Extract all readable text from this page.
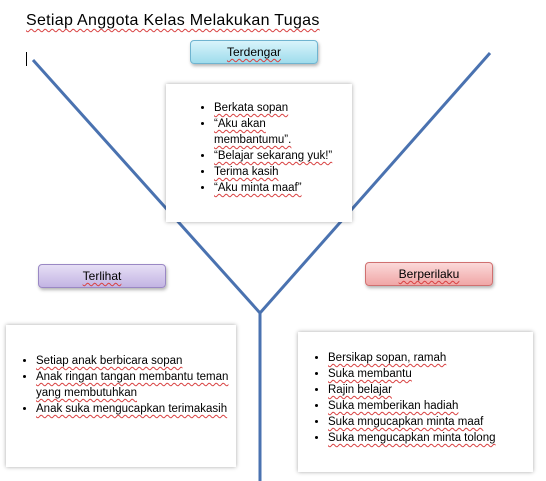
Setiap Anggota Kelas Melakukan Tugas
Terdengar
• Berkata sopan
• “Aku akan membantumu”.
• “Belajar sekarang yuk!”
• Terima kasih
• “Aku minta maaf”
Terlihat
• Setiap anak berbicara sopan
• Anak ringan tangan membantu teman yang membutuhkan
• Anak suka mengucapkan terimakasih
Berperilaku
• Bersikap sopan, ramah
• Suka membantu
• Rajin belajar
• Suka memberikan hadiah
• Suka mngucapkan minta maaf
• Suka mengucapkan minta tolong
